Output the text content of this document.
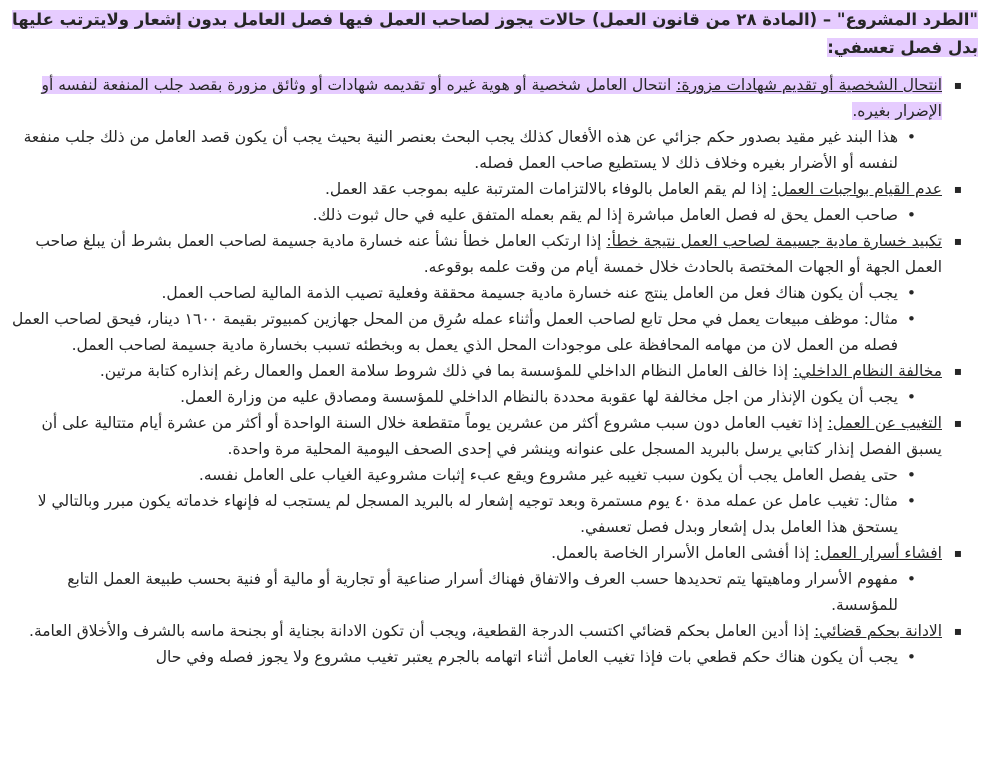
"الطرد المشروع" – (المادة ٢٨ من قانون العمل) حالات يجوز لصاحب العمل فيها فصل العامل بدون إشعار ولايترتب عليها بدل فصل تعسفي:

▪ انتحال الشخصية أو تقديم شهادات مزورة: انتحال العامل شخصية أو هوية غيره أو تقديمه شهادات أو وثائق مزورة بقصد جلب المنفعة لنفسه أو الإضرار بغيره.
• هذا البند غير مقيد بصدور حكم جزائي عن هذه الأفعال كذلك يجب البحث بعنصر النية بحيث يجب أن يكون قصد العامل من ذلك جلب منفعة لنفسه أو الأضرار بغيره وخلاف ذلك لا يستطيع صاحب العمل فصله.
▪ عدم القيام بواجبات العمل: إذا لم يقم العامل بالوفاء بالالتزامات المترتبة عليه بموجب عقد العمل.
• صاحب العمل يحق له فصل العامل مباشرة إذا لم يقم بعمله المتفق عليه في حال ثبوت ذلك.
▪ تكبيد خسارة مادية جسيمة لصاحب العمل نتيجة خطأ: إذا ارتكب العامل خطأ نشأ عنه خسارة مادية جسيمة لصاحب العمل بشرط أن يبلغ صاحب العمل الجهة أو الجهات المختصة بالحادث خلال خمسة أيام من وقت علمه بوقوعه.
• يجب أن يكون هناك فعل من العامل ينتج عنه خسارة مادية جسيمة محققة وفعلية تصيب الذمة المالية لصاحب العمل.
• مثال: موظف مبيعات يعمل في محل تابع لصاحب العمل وأثناء عمله سُرِق من المحل جهازين كمبيوتر بقيمة ١٦٠٠ دينار، فيحق لصاحب العمل فصله من العمل لان من مهامه المحافظة على موجودات المحل الذي يعمل به وبخطئه تسبب بخسارة مادية جسيمة لصاحب العمل.
▪ مخالفة النظام الداخلي: إذا خالف العامل النظام الداخلي للمؤسسة بما في ذلك شروط سلامة العمل والعمال رغم إنذاره كتابة مرتين.
• يجب أن يكون الإنذار من اجل مخالفة لها عقوبة محددة بالنظام الداخلي للمؤسسة ومصادق عليه من وزارة العمل.
▪ التغيب عن العمل: إذا تغيب العامل دون سبب مشروع أكثر من عشرين يوماً متقطعة خلال السنة الواحدة أو أكثر من عشرة أيام متتالية على أن يسبق الفصل إنذار كتابي يرسل بالبريد المسجل على عنوانه وينشر في إحدى الصحف اليومية المحلية مرة واحدة.
• حتى يفصل العامل يجب أن يكون سبب تغيبه غير مشروع ويقع عبء إثبات مشروعية الغياب على العامل نفسه.
• مثال: تغيب عامل عن عمله مدة ٤٠ يوم مستمرة وبعد توجيه إشعار له بالبريد المسجل لم يستجب له فإنهاء خدماته يكون مبرر وبالتالي لا يستحق هذا العامل بدل إشعار وبدل فصل تعسفي.
▪ افشاء أسرار العمل: إذا أفشى العامل الأسرار الخاصة بالعمل.
• مفهوم الأسرار وماهيتها يتم تحديدها حسب العرف والاتفاق فهناك أسرار صناعية أو تجارية أو مالية أو فنية بحسب طبيعة العمل التابع للمؤسسة.
▪ الادانة بحكم قضائي: إذا أدين العامل بحكم قضائي اكتسب الدرجة القطعية، ويجب أن تكون الادانة بجناية أو بجنحة ماسه بالشرف والأخلاق العامة.
• يجب أن يكون هناك حكم قطعي بات فإذا تغيب العامل أثناء اتهامه بالجرم يعتبر تغيب مشروع ولا يجوز فصله وفي حال
